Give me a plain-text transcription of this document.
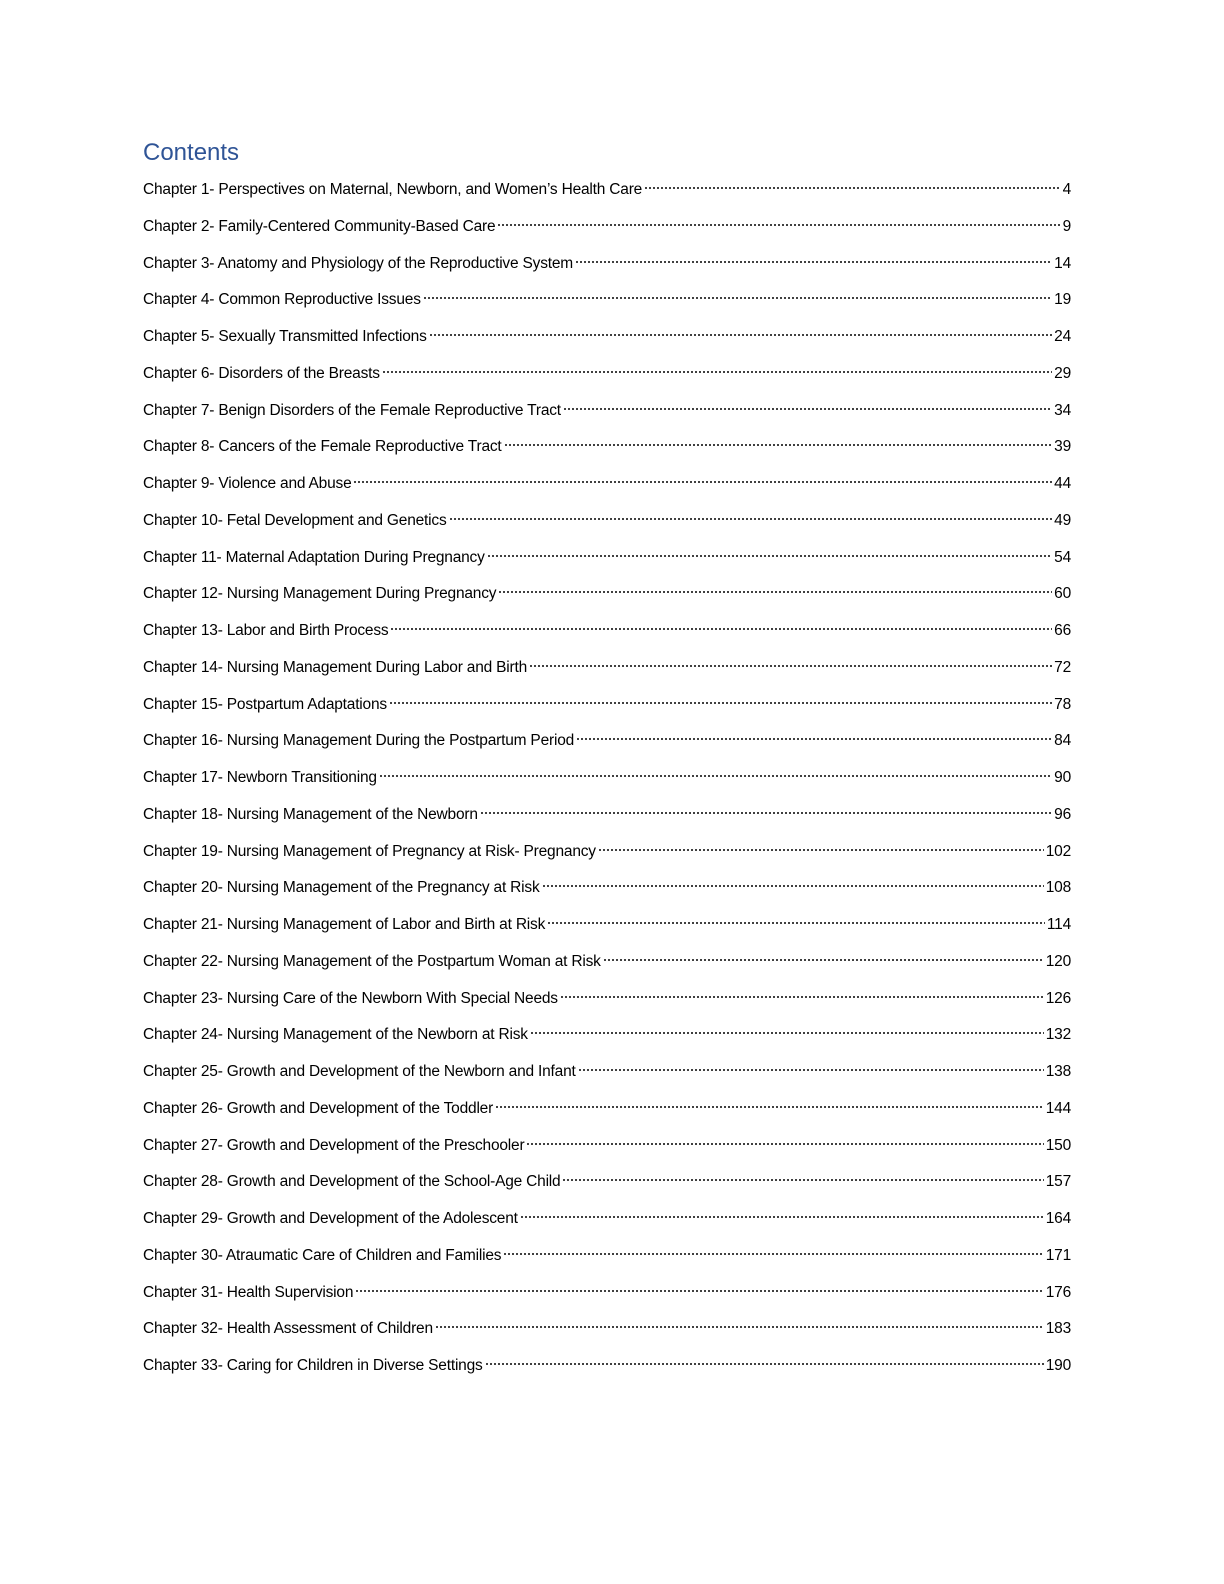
Contents
Chapter 1- Perspectives on Maternal, Newborn, and Women’s Health Care	4
Chapter 2- Family-Centered Community-Based Care	9
Chapter 3- Anatomy and Physiology of the Reproductive System	14
Chapter 4- Common Reproductive Issues	19
Chapter 5- Sexually Transmitted Infections	24
Chapter 6- Disorders of the Breasts	29
Chapter 7- Benign Disorders of the Female Reproductive Tract	34
Chapter 8- Cancers of the Female Reproductive Tract	39
Chapter 9- Violence and Abuse	44
Chapter 10- Fetal Development and Genetics	49
Chapter 11- Maternal Adaptation During Pregnancy	54
Chapter 12- Nursing Management During Pregnancy	60
Chapter 13- Labor and Birth Process	66
Chapter 14- Nursing Management During Labor and Birth	72
Chapter 15- Postpartum Adaptations	78
Chapter 16- Nursing Management During the Postpartum Period	84
Chapter 17- Newborn Transitioning	90
Chapter 18- Nursing Management of the Newborn	96
Chapter 19- Nursing Management of Pregnancy at Risk- Pregnancy	102
Chapter 20- Nursing Management of the Pregnancy at Risk	108
Chapter 21- Nursing Management of Labor and Birth at Risk	114
Chapter 22- Nursing Management of the Postpartum Woman at Risk	120
Chapter 23- Nursing Care of the Newborn With Special Needs	126
Chapter 24- Nursing Management of the Newborn at Risk	132
Chapter 25- Growth and Development of the Newborn and Infant	138
Chapter 26- Growth and Development of the Toddler	144
Chapter 27- Growth and Development of the Preschooler	150
Chapter 28- Growth and Development of the School-Age Child	157
Chapter 29- Growth and Development of the Adolescent	164
Chapter 30- Atraumatic Care of Children and Families	171
Chapter 31- Health Supervision	176
Chapter 32- Health Assessment of Children	183
Chapter 33- Caring for Children in Diverse Settings	190
